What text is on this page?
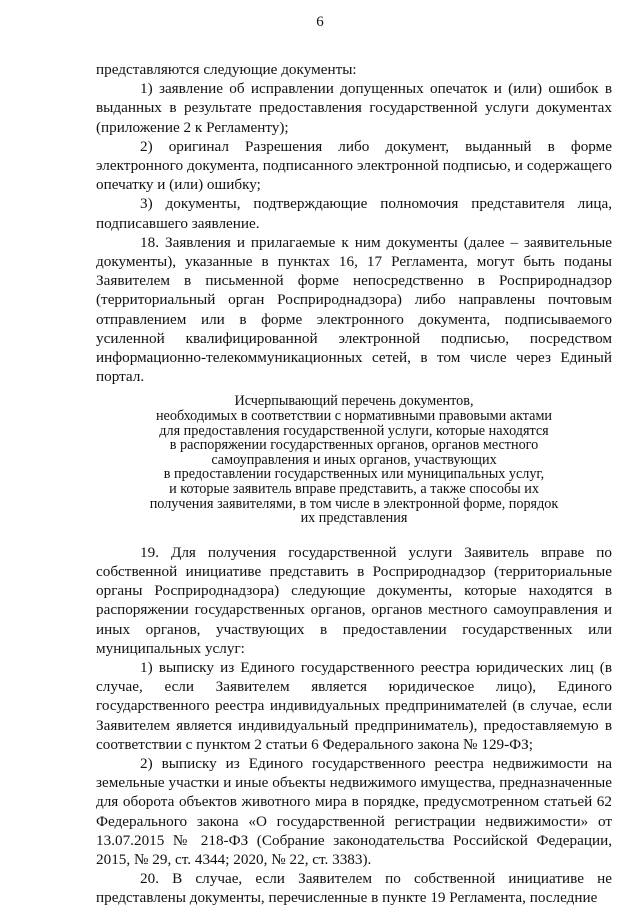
6

представляются следующие документы:

1) заявление об исправлении допущенных опечаток и (или) ошибок в выданных в результате предоставления государственной услуги документах (приложение 2 к Регламенту);

2) оригинал Разрешения либо документ, выданный в форме электронного документа, подписанного электронной подписью, и содержащего опечатку и (или) ошибку;

3) документы, подтверждающие полномочия представителя лица, подписавшего заявление.

18. Заявления и прилагаемые к ним документы (далее – заявительные документы), указанные в пунктах 16, 17 Регламента, могут быть поданы Заявителем в письменной форме непосредственно в Росприроднадзор (территориальный орган Росприроднадзора) либо направлены почтовым отправлением или в форме электронного документа, подписываемого усиленной квалифицированной электронной подписью, посредством информационно-телекоммуникационных сетей, в том числе через Единый портал.

Исчерпывающий перечень документов,
необходимых в соответствии с нормативными правовыми актами
для предоставления государственной услуги, которые находятся
в распоряжении государственных органов, органов местного
самоуправления и иных органов, участвующих
в предоставлении государственных или муниципальных услуг,
и которые заявитель вправе представить, а также способы их
получения заявителями, в том числе в электронной форме, порядок
их представления

19. Для получения государственной услуги Заявитель вправе по собственной инициативе представить в Росприроднадзор (территориальные органы Росприроднадзора) следующие документы, которые находятся в распоряжении государственных органов, органов местного самоуправления и иных органов, участвующих в предоставлении государственных или муниципальных услуг:

1) выписку из Единого государственного реестра юридических лиц (в случае, если Заявителем является юридическое лицо), Единого государственного реестра индивидуальных предпринимателей (в случае, если Заявителем является индивидуальный предприниматель), предоставляемую в соответствии с пунктом 2 статьи 6 Федерального закона № 129-ФЗ;

2) выписку из Единого государственного реестра недвижимости на земельные участки и иные объекты недвижимого имущества, предназначенные для оборота объектов животного мира в порядке, предусмотренном статьей 62 Федерального закона «О государственной регистрации недвижимости» от 13.07.2015 № 218-ФЗ (Собрание законодательства Российской Федерации, 2015, № 29, ст. 4344; 2020, № 22, ст. 3383).

20. В случае, если Заявителем по собственной инициативе не представлены документы, перечисленные в пункте 19 Регламента, последние
